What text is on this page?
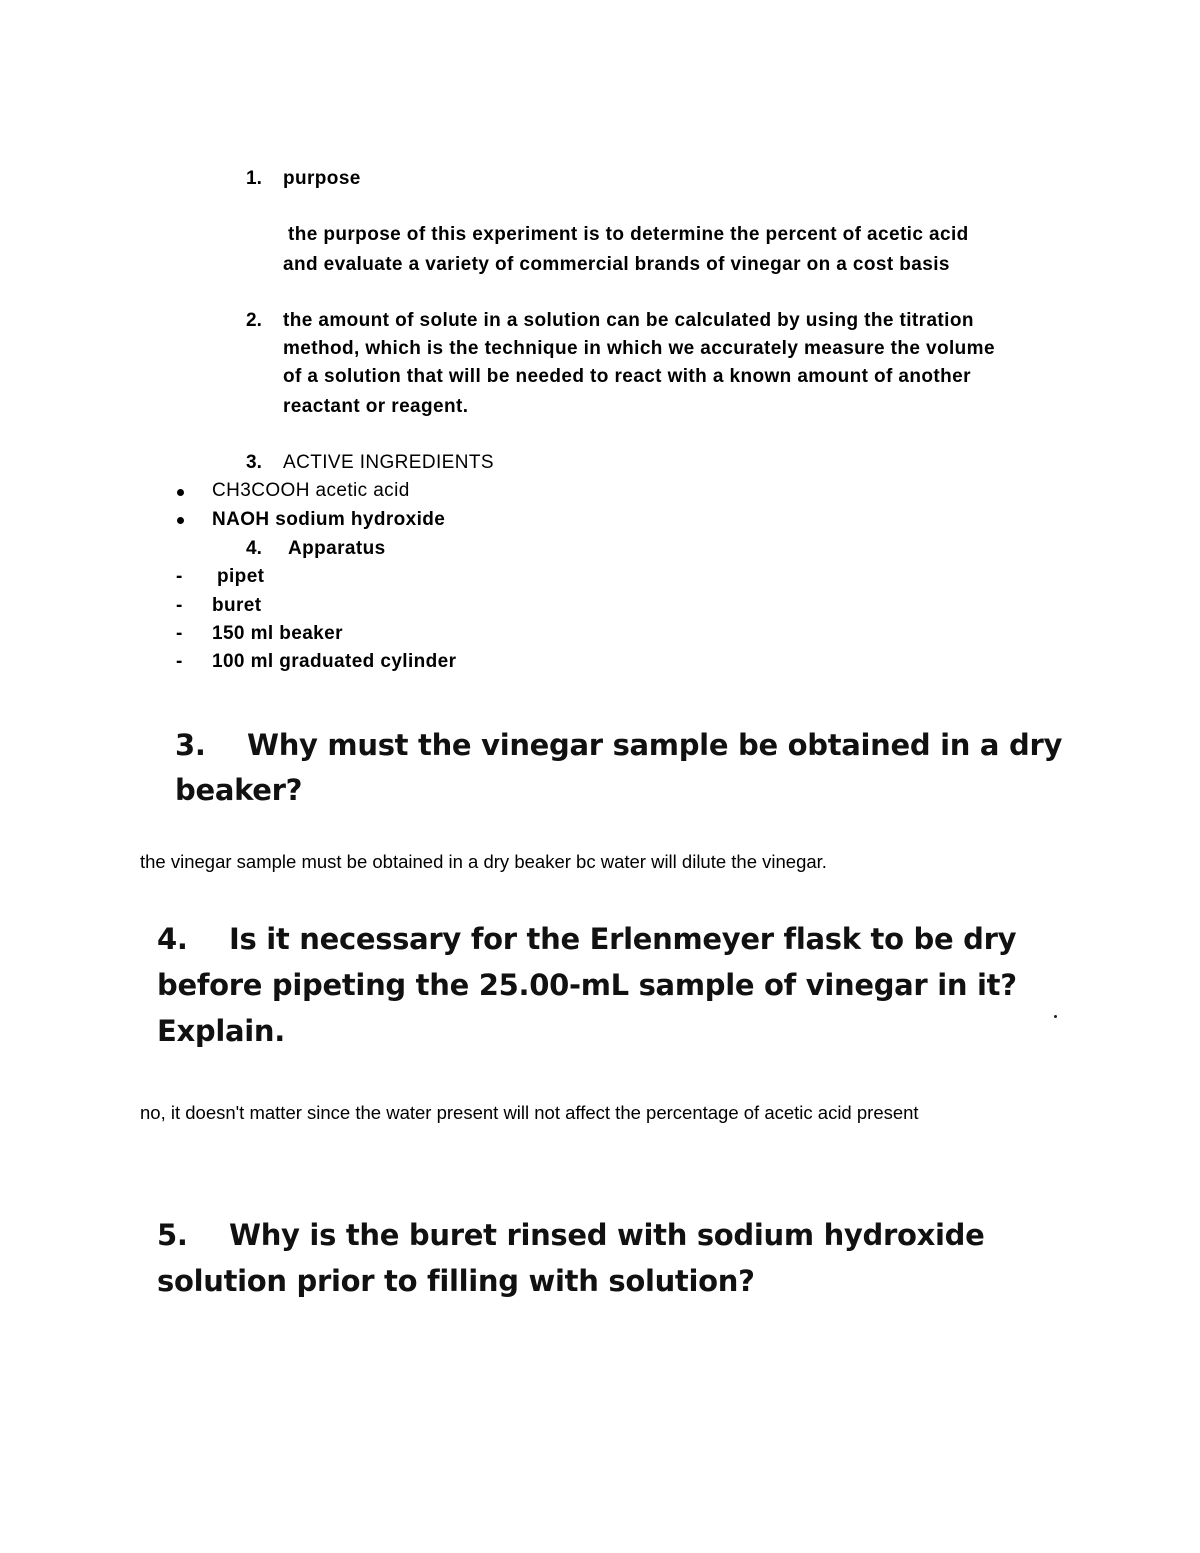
1. purpose
the purpose of this experiment is to determine the percent of acetic acid
and evaluate a variety of commercial brands of vinegar on a cost basis
2. the amount of solute in a solution can be calculated by using the titration
method, which is the technique in which we accurately measure the volume
of a solution that will be needed to react with a known amount of another
reactant or reagent.
3. ACTIVE INGREDIENTS
CH3COOH acetic acid
NAOH sodium hydroxide
4. Apparatus
- pipet
- buret
- 150 ml beaker
- 100 ml graduated cylinder
3. Why must the vinegar sample be obtained in a dry
beaker?
the vinegar sample must be obtained in a dry beaker bc water will dilute the vinegar.
4. Is it necessary for the Erlenmeyer flask to be dry
before pipeting the 25.00-mL sample of vinegar in it?
Explain.
no, it doesn't matter since the water present will not affect the percentage of acetic acid present
5. Why is the buret rinsed with sodium hydroxide
solution prior to filling with solution?
